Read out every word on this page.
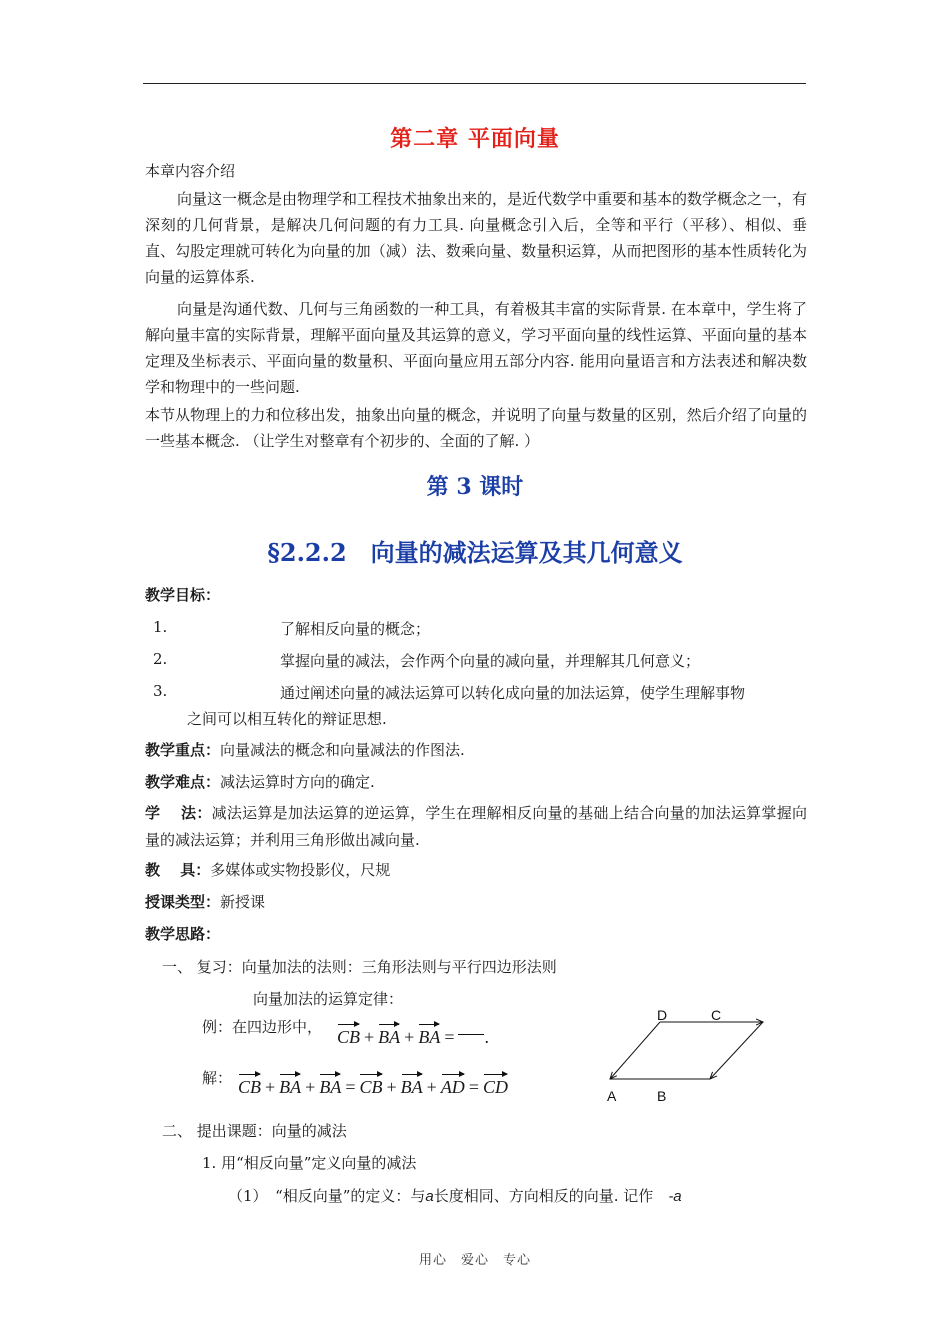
第二章 平面向量
本章内容介绍
向量这一概念是由物理学和工程技术抽象出来的，是近代数学中重要和基本的数学概念之一，有深刻的几何背景，是解决几何问题的有力工具. 向量概念引入后，全等和平行（平移）、相似、垂直、勾股定理就可转化为向量的加（减）法、数乘向量、数量积运算，从而把图形的基本性质转化为向量的运算体系.
向量是沟通代数、几何与三角函数的一种工具，有着极其丰富的实际背景. 在本章中，学生将了解向量丰富的实际背景，理解平面向量及其运算的意义，学习平面向量的线性运算、平面向量的基本定理及坐标表示、平面向量的数量积、平面向量应用五部分内容. 能用向量语言和方法表述和解决数学和物理中的一些问题.
本节从物理上的力和位移出发，抽象出向量的概念，并说明了向量与数量的区别，然后介绍了向量的一些基本概念. （让学生对整章有个初步的、全面的了解. ）
第 3 课时
§2.2.2　向量的减法运算及其几何意义
教学目标：
1.	了解相反向量的概念；
2.	掌握向量的减法，会作两个向量的减向量，并理解其几何意义；
3.	通过阐述向量的减法运算可以转化成向量的加法运算，使学生理解事物
之间可以相互转化的辩证思想.
教学重点：向量减法的概念和向量减法的作图法.
教学难点：减法运算时方向的确定.
学　 法：减法运算是加法运算的逆运算，学生在理解相反向量的基础上结合向量的加法运算掌握向量的减法运算；并利用三角形做出减向量.
教　 具：多媒体或实物投影仪，尺规
授课类型：新授课
教学思路：
一、 复习：向量加法的法则：三角形法则与平行四边形法则
向量加法的运算定律：
例：在四边形中， CB + BA + BA = .
解： CB + BA + BA = CB + BA + AD = CD
D	C
A	B
二、 提出课题：向量的减法
1. 用“相反向量”定义向量的减法
（1）　 “相反向量”的定义：与a长度相同、方向相反的向量. 记作　 -a
用心　爱心　专心
